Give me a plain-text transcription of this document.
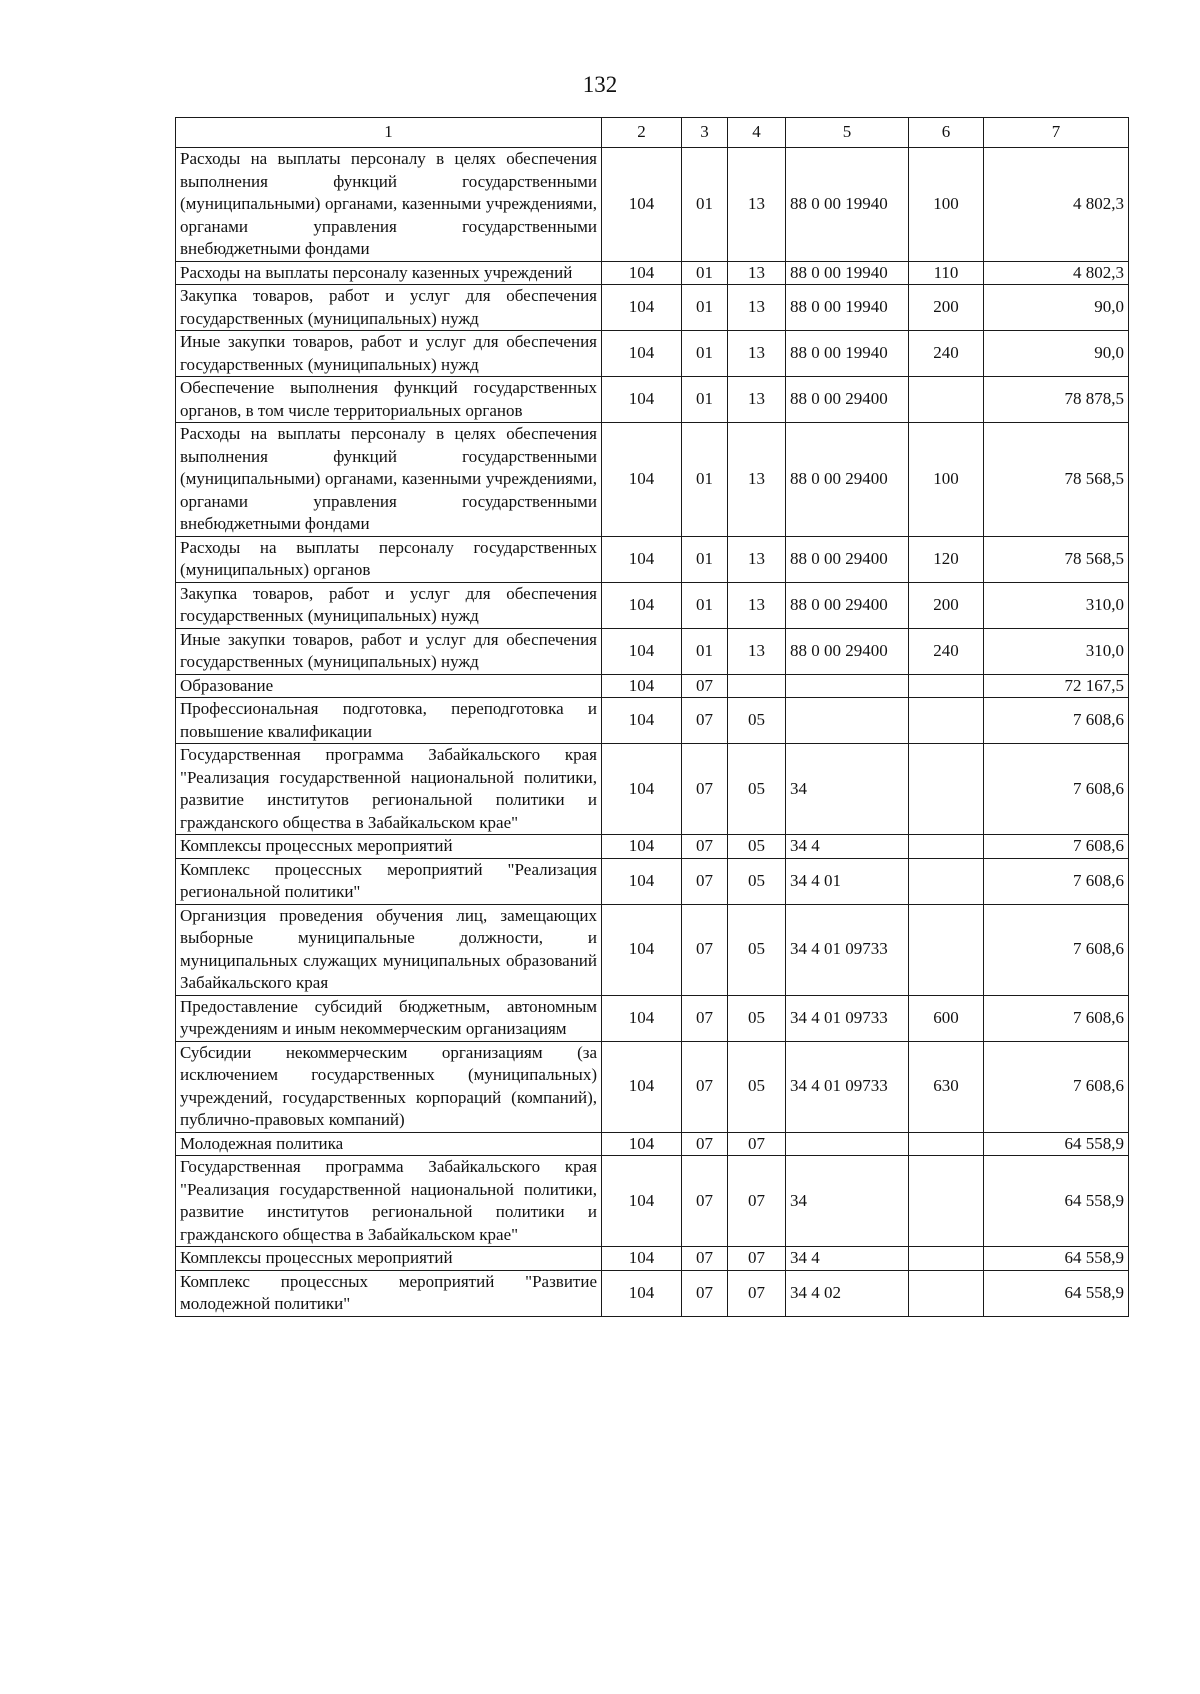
132
1	2	3	4	5	6	7
Расходы на выплаты персоналу в целях обеспечения выполнения функций государственными (муниципальными) органами, казенными учреждениями, органами управления государственными внебюджетными фондами	104	01	13	88 0 00 19940	100	4 802,3
Расходы на выплаты персоналу казенных учреждений	104	01	13	88 0 00 19940	110	4 802,3
Закупка товаров, работ и услуг для обеспечения государственных (муниципальных) нужд	104	01	13	88 0 00 19940	200	90,0
Иные закупки товаров, работ и услуг для обеспечения государственных (муниципальных) нужд	104	01	13	88 0 00 19940	240	90,0
Обеспечение выполнения функций государственных органов, в том числе территориальных органов	104	01	13	88 0 00 29400		78 878,5
Расходы на выплаты персоналу в целях обеспечения выполнения функций государственными (муниципальными) органами, казенными учреждениями, органами управления государственными внебюджетными фондами	104	01	13	88 0 00 29400	100	78 568,5
Расходы на выплаты персоналу государственных (муниципальных) органов	104	01	13	88 0 00 29400	120	78 568,5
Закупка товаров, работ и услуг для обеспечения государственных (муниципальных) нужд	104	01	13	88 0 00 29400	200	310,0
Иные закупки товаров, работ и услуг для обеспечения государственных (муниципальных) нужд	104	01	13	88 0 00 29400	240	310,0
Образование	104	07				72 167,5
Профессиональная подготовка, переподготовка и повышение квалификации	104	07	05			7 608,6
Государственная программа Забайкальского края "Реализация государственной национальной политики, развитие институтов региональной политики и гражданского общества в Забайкальском крае"	104	07	05	34		7 608,6
Комплексы процессных мероприятий	104	07	05	34 4		7 608,6
Комплекс процессных мероприятий "Реализация региональной политики"	104	07	05	34 4 01		7 608,6
Организция проведения обучения лиц, замещающих выборные муниципальные должности, и муниципальных служащих муниципальных образований Забайкальского края	104	07	05	34 4 01 09733		7 608,6
Предоставление субсидий бюджетным, автономным учреждениям и иным некоммерческим организациям	104	07	05	34 4 01 09733	600	7 608,6
Субсидии некоммерческим организациям (за исключением государственных (муниципальных) учреждений, государственных корпораций (компаний), публично-правовых компаний)	104	07	05	34 4 01 09733	630	7 608,6
Молодежная политика	104	07	07			64 558,9
Государственная программа Забайкальского края "Реализация государственной национальной политики, развитие институтов региональной политики и гражданского общества в Забайкальском крае"	104	07	07	34		64 558,9
Комплексы процессных мероприятий	104	07	07	34 4		64 558,9
Комплекс процессных мероприятий "Развитие молодежной политики"	104	07	07	34 4 02		64 558,9
